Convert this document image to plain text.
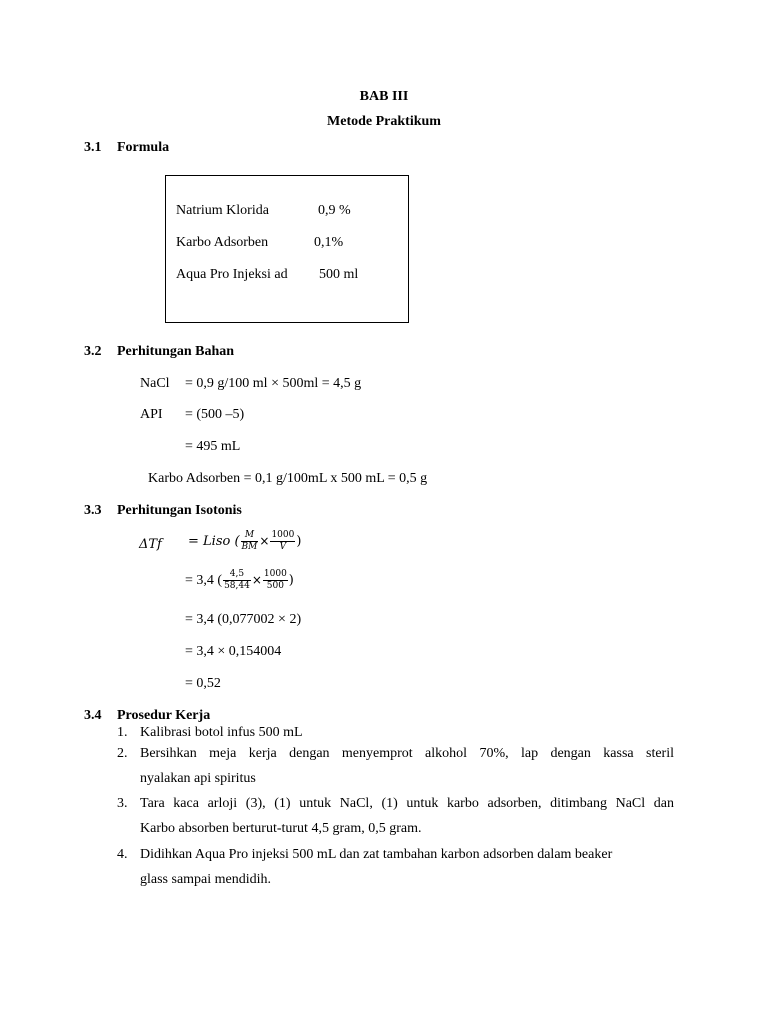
BAB III
Metode Praktikum
3.1 Formula
Natrium Klorida	0,9 %
Karbo Adsorben	0,1%
Aqua Pro Injeksi ad 500 ml
3.2 Perhitungan Bahan
NaCl = 0,9 g/100 ml × 500ml = 4,5 g
API = (500 –5)
= 495 mL
Karbo Adsorben = 0,1 g/100mL x 500 mL = 0,5 g
3.3 Perhitungan Isotonis
ΔTf = Liso ( $\frac{M}{BM} \times \frac{1000}{V}$ )
= 3,4 ( $\frac{4,5}{58,44} \times \frac{1000}{500}$ )
= 3,4 (0,077002 × 2)
= 3,4 × 0,154004
= 0,52
3.4 Prosedur Kerja
1. Kalibrasi botol infus 500 mL
2. Bersihkan meja kerja dengan menyemprot alkohol 70%, lap dengan kassa steril
nyalakan api spiritus
3. Tara kaca arloji (3), (1) untuk NaCl, (1) untuk karbo adsorben, ditimbang NaCl dan
Karbo absorben berturut-turut 4,5 gram, 0,5 gram.
4. Didihkan Aqua Pro injeksi 500 mL dan zat tambahan karbon adsorben dalam beaker
glass sampai mendidih.
